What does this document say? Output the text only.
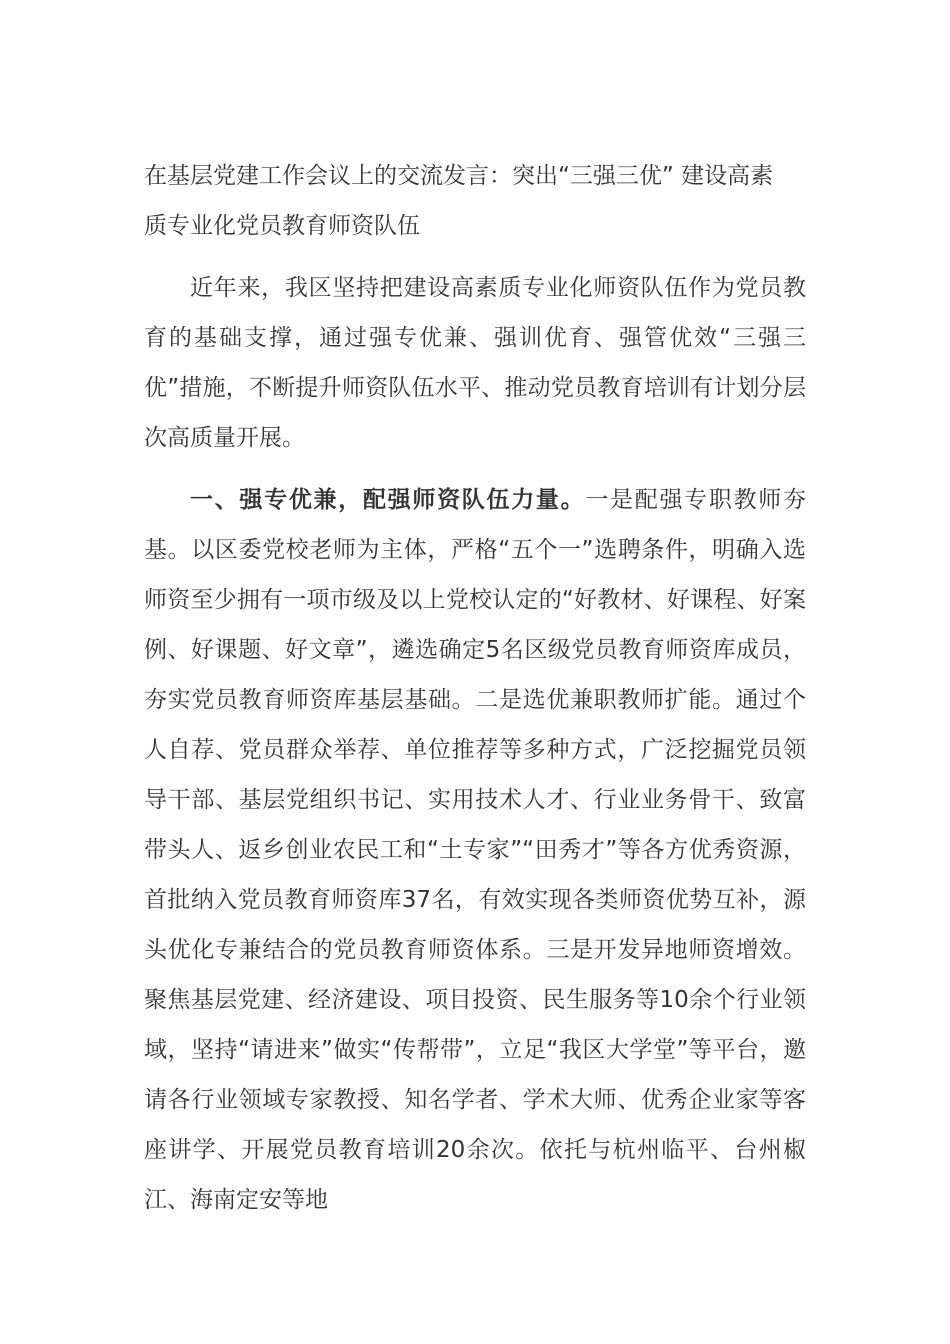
在基层党建工作会议上的交流发言：突出“三强三优” 建设高素质专业化党员教育师资队伍

近年来，我区坚持把建设高素质专业化师资队伍作为党员教育的基础支撑，通过强专优兼、强训优育、强管优效“三强三优”措施，不断提升师资队伍水平、推动党员教育培训有计划分层次高质量开展。

一、强专优兼，配强师资队伍力量。一是配强专职教师夯基。以区委党校老师为主体，严格“五个一”选聘条件，明确入选师资至少拥有一项市级及以上党校认定的“好教材、好课程、好案例、好课题、好文章”，遴选确定5名区级党员教育师资库成员，夯实党员教育师资库基层基础。二是选优兼职教师扩能。通过个人自荐、党员群众举荐、单位推荐等多种方式，广泛挖掘党员领导干部、基层党组织书记、实用技术人才、行业业务骨干、致富带头人、返乡创业农民工和“土专家”“田秀才”等各方优秀资源，首批纳入党员教育师资库37名，有效实现各类师资优势互补，源头优化专兼结合的党员教育师资体系。三是开发异地师资增效。聚焦基层党建、经济建设、项目投资、民生服务等10余个行业领域，坚持“请进来”做实“传帮带”，立足“我区大学堂”等平台，邀请各行业领域专家教授、知名学者、学术大师、优秀企业家等客座讲学、开展党员教育培训20余次。依托与杭州临平、台州椒江、海南定安等地
